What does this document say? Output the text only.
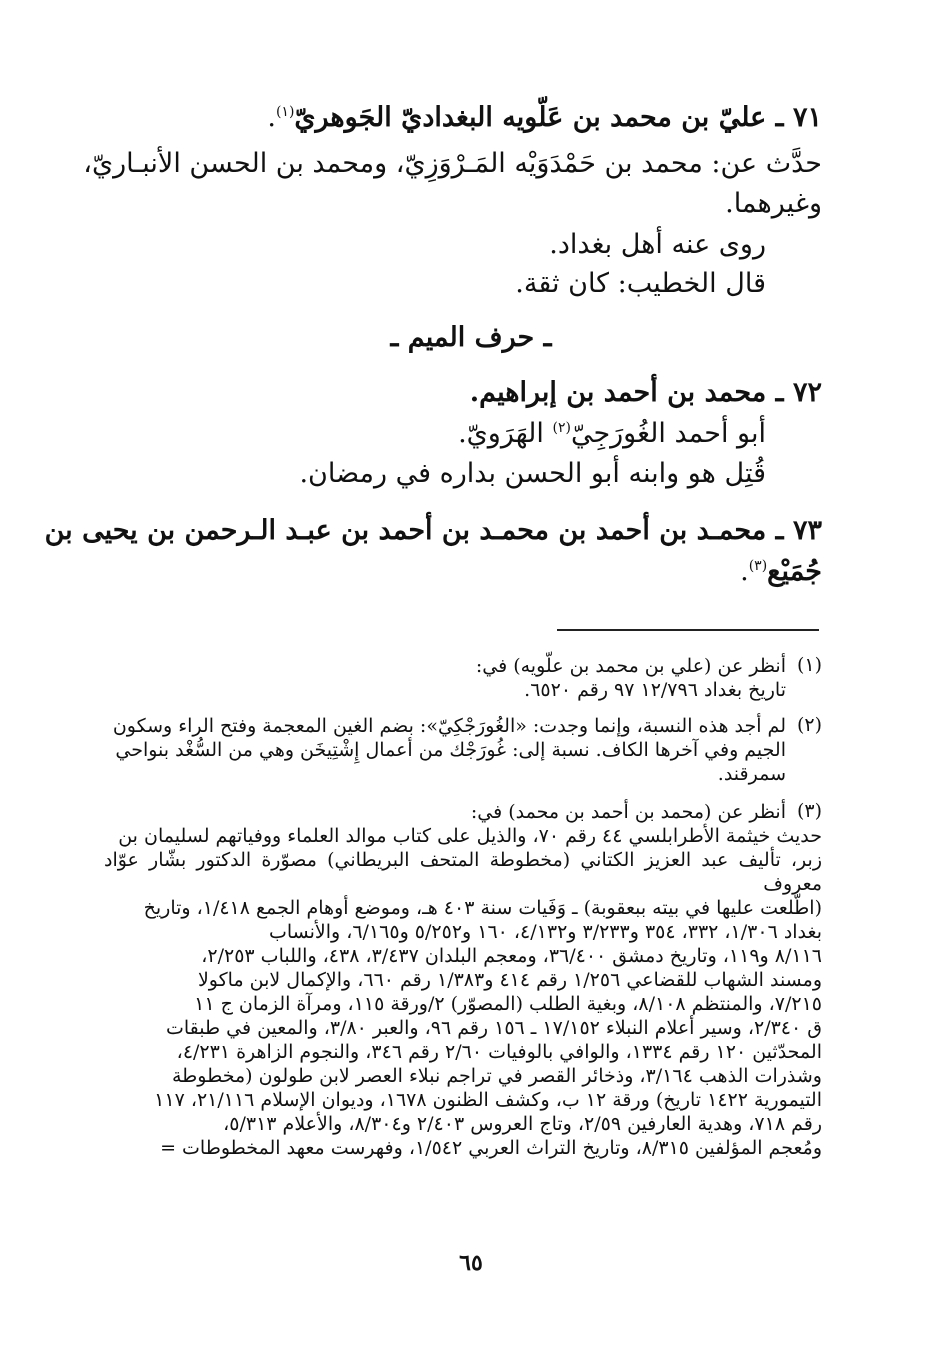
٧١ ـ عليّ بن محمد بن عَلّويه البغداديّ الجَوهريّ$^{(١)}$.
حدَّث عن: محمد بن حَمْدَوَيْه المَـرْوَزِيّ، ومحمد بن الحسن الأنبـاريّ،
وغيرهما.
روى عنه أهل بغداد.
قال الخطيب: كان ثقة.
ـ حرف الميم ـ
٧٢ ـ محمد بن أحمد بن إبراهيم.
أبو أحمد الغُورَجِيّ$^{(٢)}$ الهَرَويّ.
قُتِل هو وابنه أبو الحسن بداره في رمضان.
٧٣ ـ محمـد بن أحمد بن محمـد بن أحمد بن عبـد الـرحمن بن يحيى بن
جُمَيْع$^{(٣)}$.
(١)
أنظر عن (علي بن محمد بن علّويه) في:
تاريخ بغداد ١٢/٧٩٦ ٩٧ رقم ٦٥٢٠.
(٢)
لم أجد هذه النسبة، وإنما وجدت: «الغُورَجْكِيّ»: بضم الغين المعجمة وفتح الراء وسكون
الجيم وفي آخرها الكاف. نسبة إلى: غُورَجْك من أعمال إِشْتِيخَن وهي من السُّغْد بنواحي
سمرقند.
(٣)
أنظر عن (محمد بن أحمد بن محمد) في:
حديث خيثمة الأطرابلسي ٤٤ رقم ٧٠، والذيل على كتاب موالد العلماء ووفياتهم لسليمان بن
زبر، تأليف عبد العزيز الكتاني (مخطوطة المتحف البريطاني) مصوّرة الدكتور بشّار عوّاد معروف
(اطّلعت عليها في بيته ببعقوبة) ـ وَفَيات سنة ٤٠٣ هـ، وموضع أوهام الجمع ١/٤١٨، وتاريخ
بغداد ١/٣٠٦، ٣٣٢، ٣٥٤ و٣/٢٣٣ و٤/١٣٢، ١٦٠ و٥/٢٥٢ و٦/١٦٥، والأنساب
٨/١١٦ و١١٩، وتاريخ دمشق ٣٦/٤٠٠، ومعجم البلدان ٣/٤٣٧، ٤٣٨، واللباب ٢/٢٥٣،
ومسند الشهاب للقضاعي ١/٢٥٦ رقم ٤١٤ و١/٣٨٣ رقم ٦٦٠، والإكمال لابن ماكولا
٧/٢١٥، والمنتظم ٨/١٠٨، وبغية الطلب (المصوّر) ٢/ورقة ١١٥، ومرآة الزمان ج ١١
ق ٢/٣٤٠، وسير أعلام النبلاء ١٧/١٥٢ ـ ١٥٦ رقم ٩٦، والعبر ٣/٨٠، والمعين في طبقات
المحدّثين ١٢٠ رقم ١٣٣٤، والوافي بالوفيات ٢/٦٠ رقم ٣٤٦، والنجوم الزاهرة ٤/٢٣١،
وشذرات الذهب ٣/١٦٤، وذخائر القصر في تراجم نبلاء العصر لابن طولون (مخطوطة
التيمورية ١٤٢٢ تاريخ) ورقة ١٢ ب، وكشف الظنون ١٦٧٨، وديوان الإسلام ٢١/١١٦، ١١٧
رقم ٧١٨، وهدية العارفين ٢/٥٩، وتاج العروس ٢/٤٠٣ و٨/٣٠٤، والأعلام ٥/٣١٣،
ومُعجم المؤلفين ٨/٣١٥، وتاريخ التراث العربي ١/٥٤٢، وفهرست معهد المخطوطات =
٦٥
